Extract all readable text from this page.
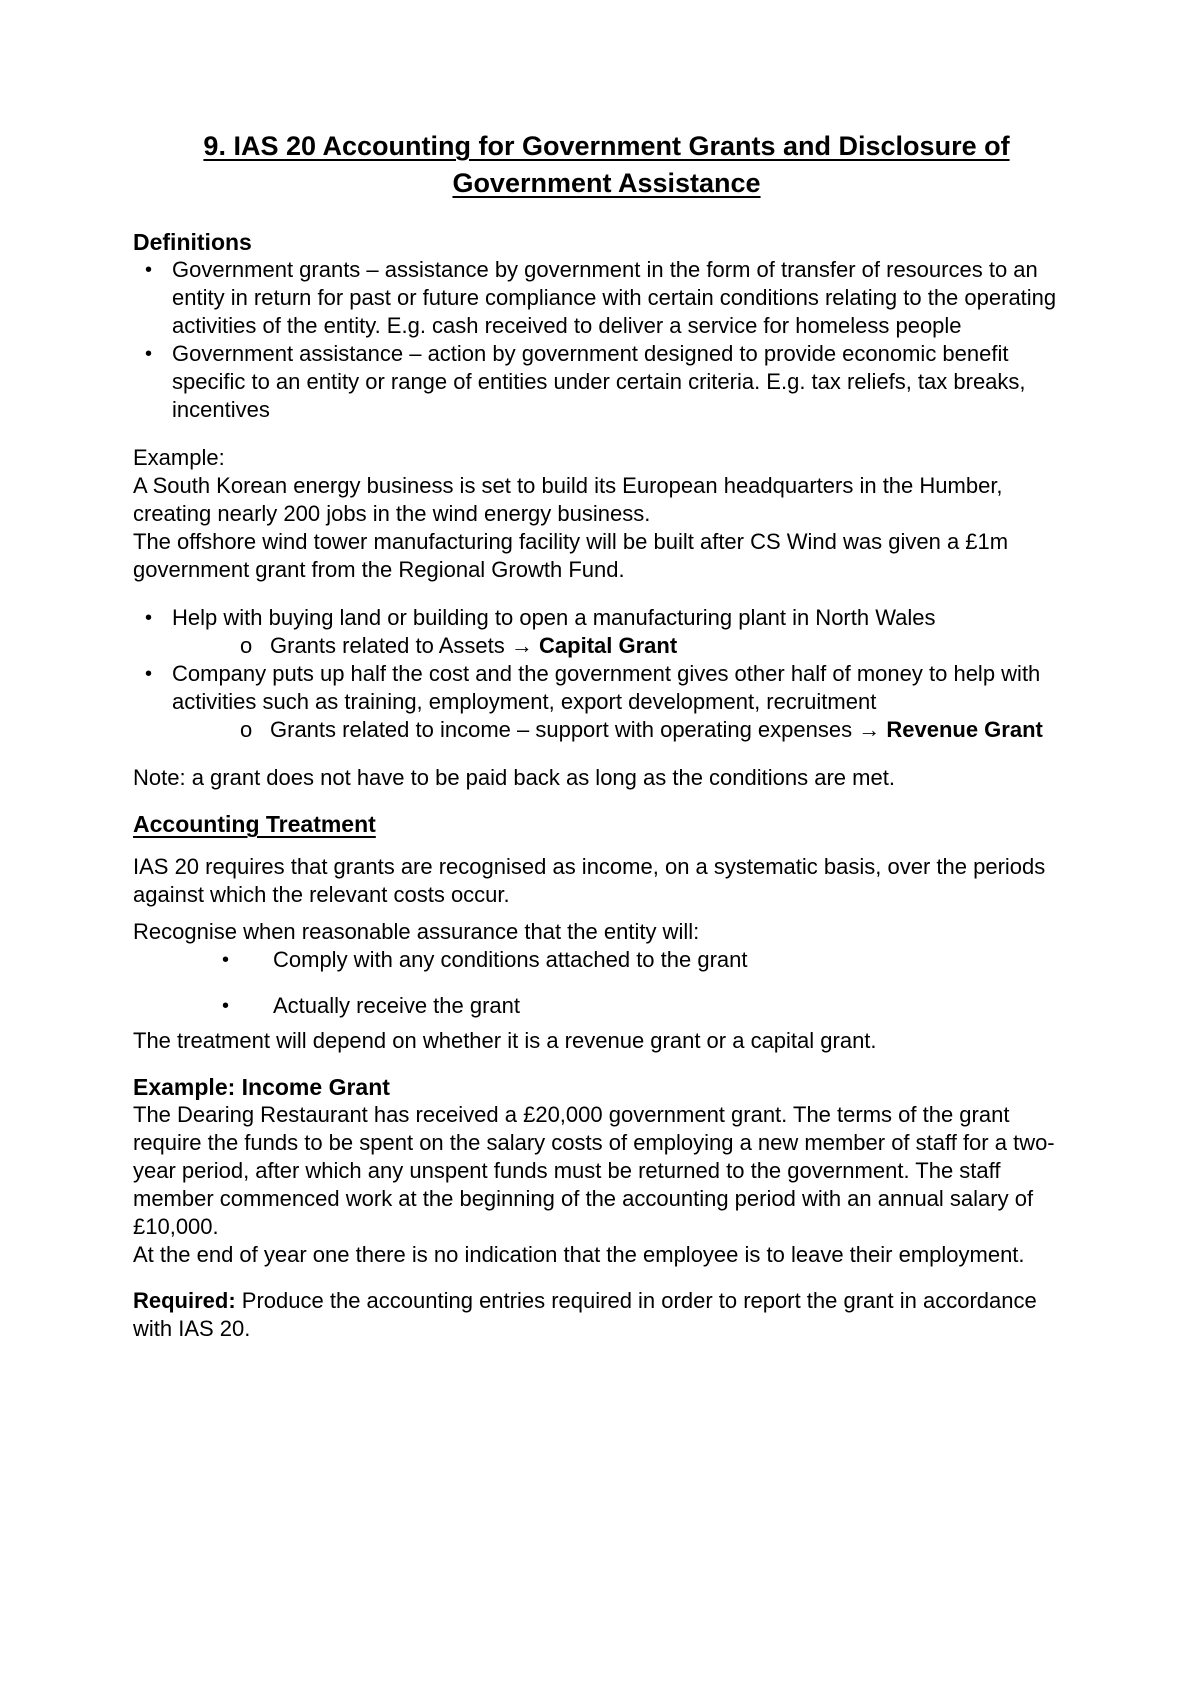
9. IAS 20 Accounting for Government Grants and Disclosure of Government Assistance
Definitions
• Government grants – assistance by government in the form of transfer of resources to an entity in return for past or future compliance with certain conditions relating to the operating activities of the entity. E.g. cash received to deliver a service for homeless people
• Government assistance – action by government designed to provide economic benefit specific to an entity or range of entities under certain criteria. E.g. tax reliefs, tax breaks, incentives

Example:

A South Korean energy business is set to build its European headquarters in the Humber, creating nearly 200 jobs in the wind energy business.

The offshore wind tower manufacturing facility will be built after CS Wind was given a £1m government grant from the Regional Growth Fund.

• Help with buying land or building to open a manufacturing plant in North Wales
o Grants related to Assets → Capital Grant
• Company puts up half the cost and the government gives other half of money to help with activities such as training, employment, export development, recruitment
o Grants related to income – support with operating expenses → Revenue Grant

Note: a grant does not have to be paid back as long as the conditions are met.

Accounting Treatment

IAS 20 requires that grants are recognised as income, on a systematic basis, over the periods against which the relevant costs occur.

Recognise when reasonable assurance that the entity will:

•	Comply with any conditions attached to the grant
•	Actually receive the grant

The treatment will depend on whether it is a revenue grant or a capital grant.

Example: Income Grant

The Dearing Restaurant has received a £20,000 government grant. The terms of the grant require the funds to be spent on the salary costs of employing a new member of staff for a two-year period, after which any unspent funds must be returned to the government. The staff member commenced work at the beginning of the accounting period with an annual salary of £10,000.

At the end of year one there is no indication that the employee is to leave their employment.

Required: Produce the accounting entries required in order to report the grant in accordance with IAS 20.
